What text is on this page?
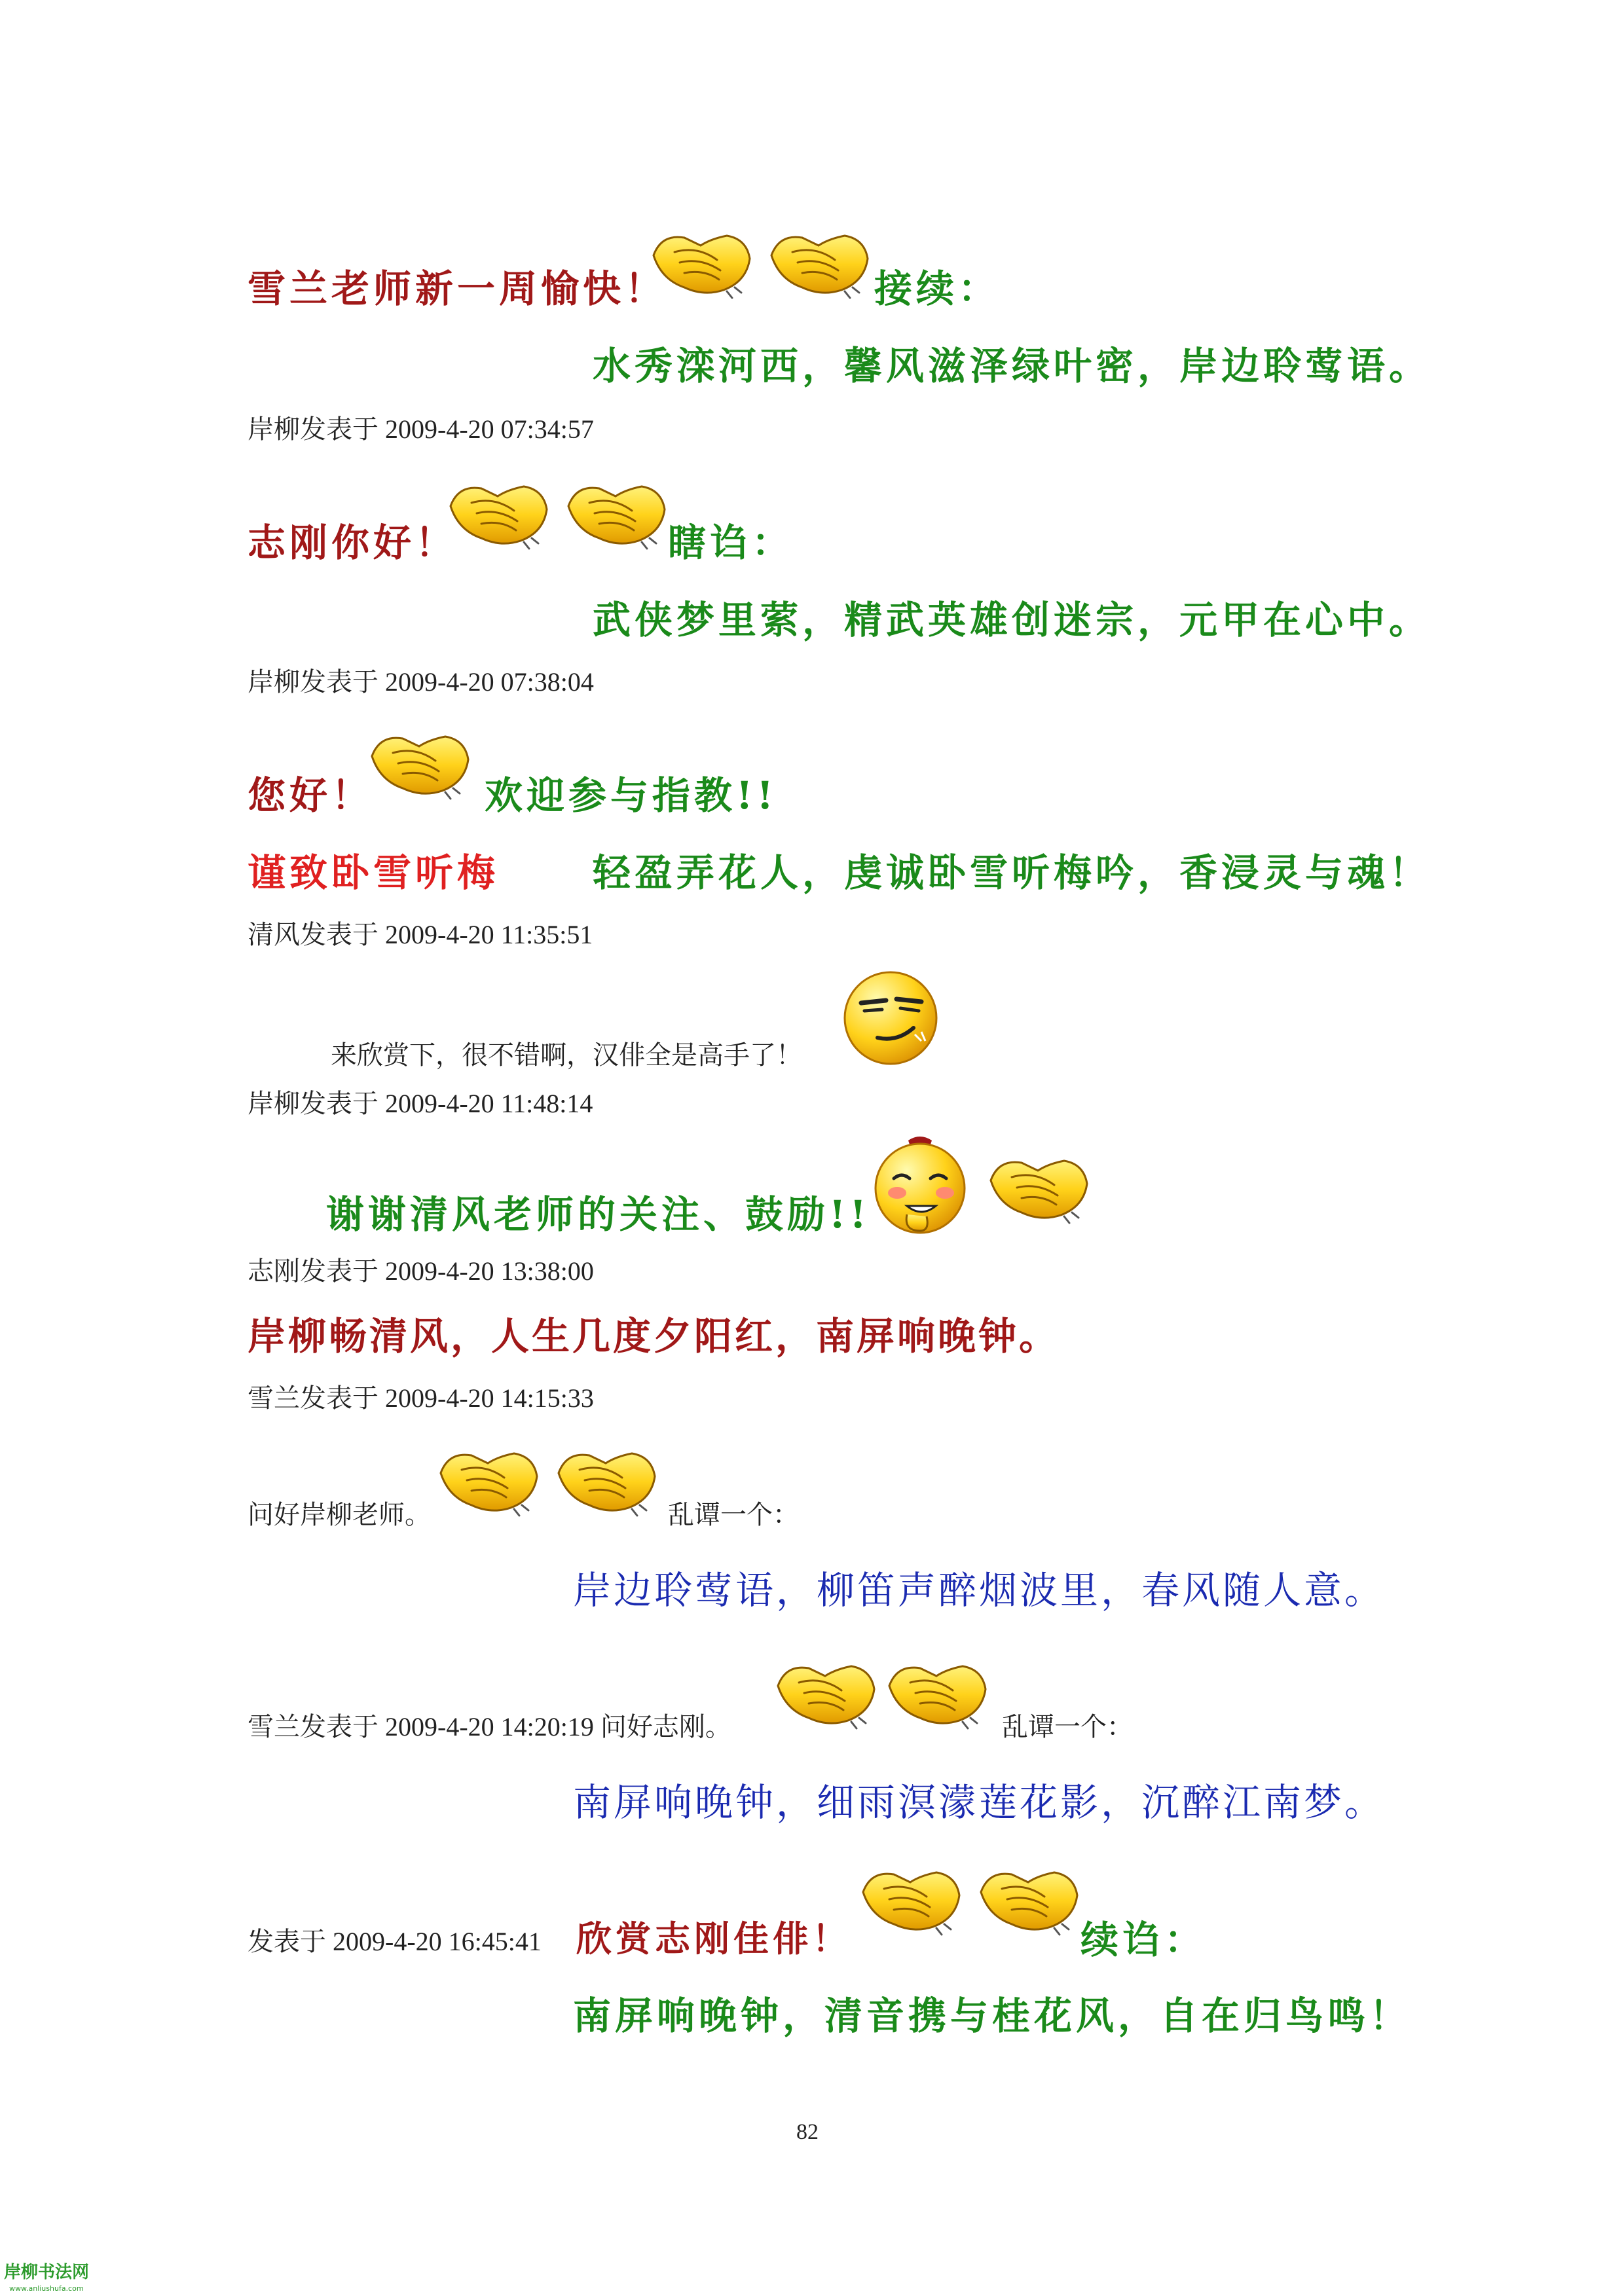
雪兰老师新一周愉快！	接续：
水秀滦河西，馨风滋泽绿叶密，岸边聆莺语。
岸柳发表于 2009-4-20 07:34:57
志刚你好！	瞎诌：
武侠梦里萦，精武英雄创迷宗，元甲在心中。
岸柳发表于 2009-4-20 07:38:04
您好！	欢迎参与指教!!
谨致卧雪听梅 轻盈弄花人，虔诚卧雪听梅吟，香浸灵与魂！
清风发表于 2009-4-20 11:35:51
来欣赏下，很不错啊，汉俳全是高手了！
岸柳发表于 2009-4-20 11:48:14
谢谢清风老师的关注、鼓励!!
志刚发表于 2009-4-20 13:38:00
岸柳畅清风，人生几度夕阳红，南屏响晚钟。
雪兰发表于 2009-4-20 14:15:33
问好岸柳老师。	乱谭一个：
岸边聆莺语，柳笛声醉烟波里，春风随人意。
雪兰发表于 2009-4-20 14:20:19 问好志刚。	乱谭一个：
南屏响晚钟，细雨溟濛莲花影，沉醉江南梦。
发表于 2009-4-20 16:45:41 欣赏志刚佳俳！	续诌：
南屏响晚钟，清音携与桂花风，自在归鸟鸣！
82
岸柳书法网
www.anliushufa.com
